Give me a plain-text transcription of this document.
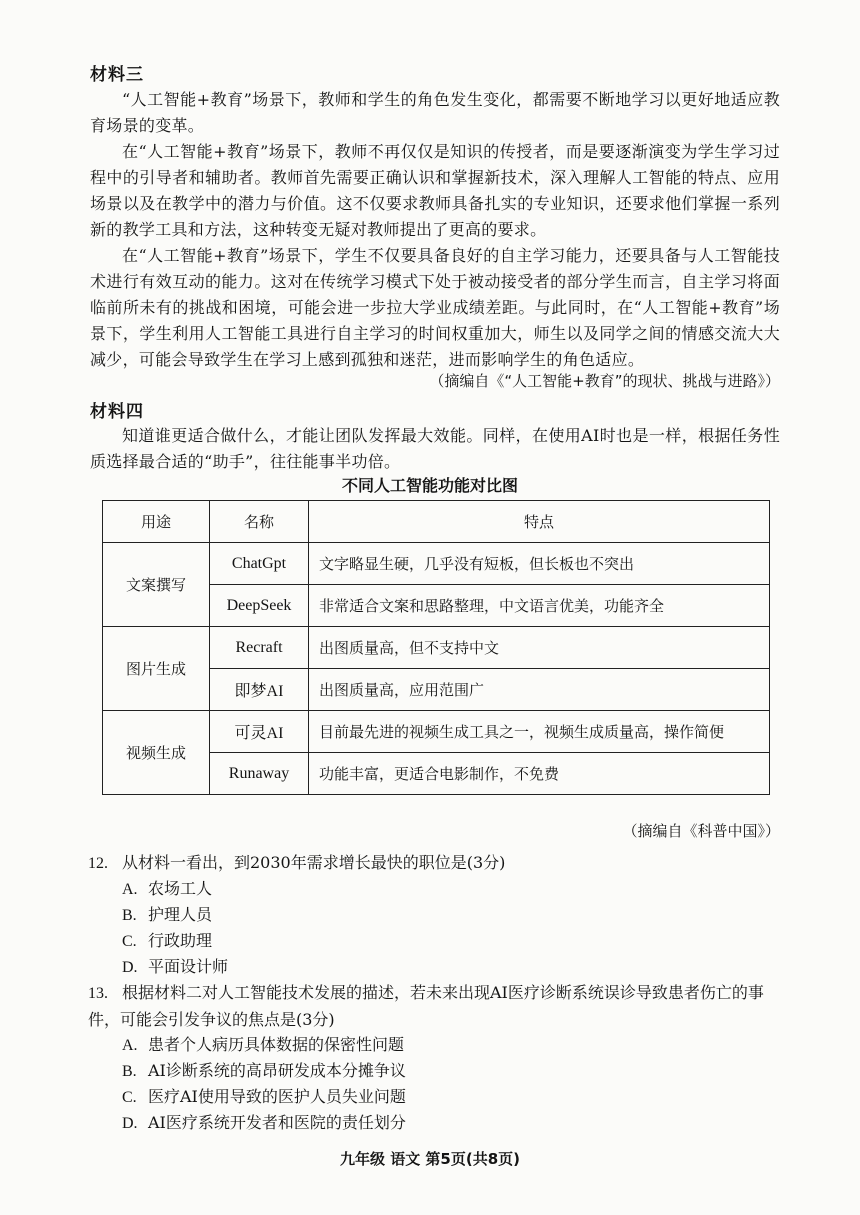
材料三

“人工智能+教育”场景下，教师和学生的角色发生变化，都需要不断地学习以更好地适应教育场景的变革。

在“人工智能+教育”场景下，教师不再仅仅是知识的传授者，而是要逐渐演变为学生学习过程中的引导者和辅助者。教师首先需要正确认识和掌握新技术，深入理解人工智能的特点、应用场景以及在教学中的潜力与价值。这不仅要求教师具备扎实的专业知识，还要求他们掌握一系列新的教学工具和方法，这种转变无疑对教师提出了更高的要求。

在“人工智能+教育”场景下，学生不仅要具备良好的自主学习能力，还要具备与人工智能技术进行有效互动的能力。这对在传统学习模式下处于被动接受者的部分学生而言，自主学习将面临前所未有的挑战和困境，可能会进一步拉大学业成绩差距。与此同时，在“人工智能+教育”场景下，学生利用人工智能工具进行自主学习的时间权重加大，师生以及同学之间的情感交流大大减少，可能会导致学生在学习上感到孤独和迷茫，进而影响学生的角色适应。

（摘编自《“人工智能+教育”的现状、挑战与进路》）

材料四

知道谁更适合做什么，才能让团队发挥最大效能。同样，在使用AI时也是一样，根据任务性质选择最合适的“助手”，往往能事半功倍。

不同人工智能功能对比图
用途	名称	特点
文案撰写	ChatGpt	文字略显生硬，几乎没有短板，但长板也不突出
	DeepSeek	非常适合文案和思路整理，中文语言优美，功能齐全
图片生成	Recraft	出图质量高，但不支持中文
	即梦AI	出图质量高，应用范围广
视频生成	可灵AI	目前最先进的视频生成工具之一，视频生成质量高，操作简便
	Runaway	功能丰富，更适合电影制作，不免费

（摘编自《科普中国》）

12. 从材料一看出，到2030年需求增长最快的职位是(3分)
A. 农场工人
B. 护理人员
C. 行政助理
D. 平面设计师
13. 根据材料二对人工智能技术发展的描述，若未来出现AI医疗诊断系统误诊导致患者伤亡的事件，可能会引发争议的焦点是(3分)
A. 患者个人病历具体数据的保密性问题
B. AI诊断系统的高昂研发成本分摊争议
C. 医疗AI使用导致的医护人员失业问题
D. AI医疗系统开发者和医院的责任划分
九年级 语文 第5页(共8页)
